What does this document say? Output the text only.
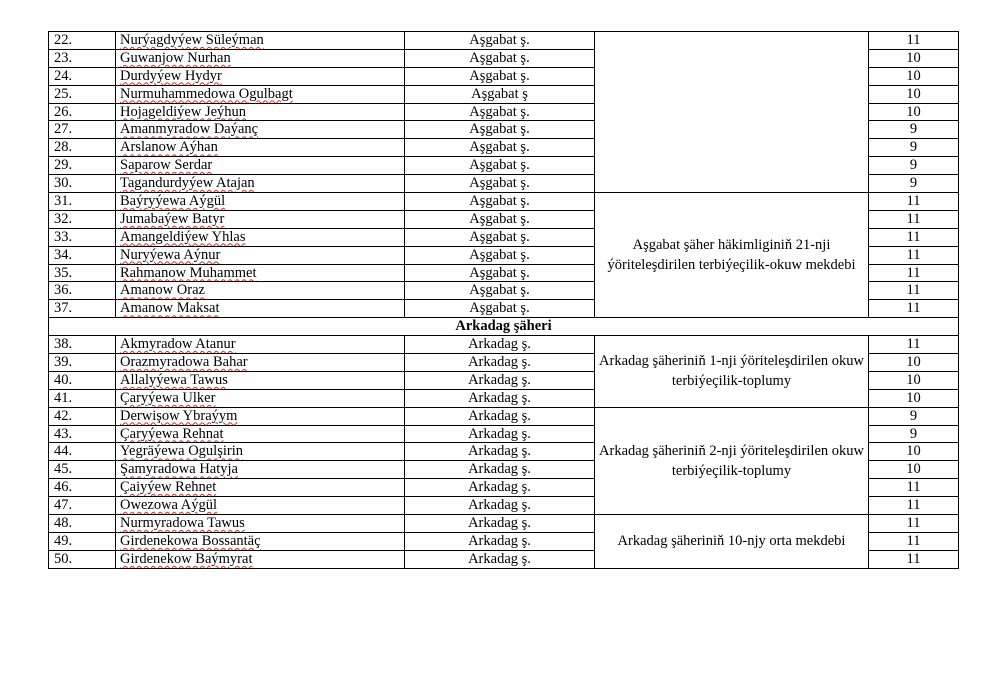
22.	Nurýagdyýew Süleýman	Aşgabat ş.		11
23.	Guwanjow Nurhan	Aşgabat ş.		10
24.	Durdyýew Hydyr	Aşgabat ş.		10
25.	Nurmuhammedowa Ogulbagt	Aşgabat ş		10
26.	Hojageldiýew Jeýhun	Aşgabat ş.		10
27.	Amanmyradow Daýanç	Aşgabat ş.		9
28.	Arslanow Aýhan	Aşgabat ş.		9
29.	Saparow Serdar	Aşgabat ş.		9
30.	Tagandurdyýew Atajan	Aşgabat ş.		9
31.	Baýryýewa Aýgül	Aşgabat ş.	Aşgabat şäher häkimliginiň 21-nji ýöriteleşdirilen terbiýeçilik-okuw mekdebi	11
32.	Jumabaýew Batyr	Aşgabat ş.		11
33.	Amangeldiýew Yhlas	Aşgabat ş.		11
34.	Nuryýewa Aýnur	Aşgabat ş.		11
35.	Rahmanow Muhammet	Aşgabat ş.		11
36.	Amanow Oraz	Aşgabat ş.		11
37.	Amanow Maksat	Aşgabat ş.		11
Arkadag şäheri				
38.	Akmyradow Atanur	Arkadag ş.	Arkadag şäheriniň 1-nji ýöriteleşdirilen okuw terbiýeçilik-toplumy	11
39.	Orazmyradowa Bahar	Arkadag ş.		10
40.	Allalyýewa Tawus	Arkadag ş.		10
41.	Çaryýewa Ulker	Arkadag ş.		10
42.	Derwişow Ybraýym	Arkadag ş.	Arkadag şäheriniň 2-nji ýöriteleşdirilen okuw terbiýeçilik-toplumy	9
43.	Çaryýewa Rehnat	Arkadag ş.		9
44.	Yegräýewa Ogulşirin	Arkadag ş.		10
45.	Şamyradowa Hatyja	Arkadag ş.		10
46.	Çaiyýew Rehnet	Arkadag ş.		11
47.	Owezowa Aýgül	Arkadag ş.		11
48.	Nurmyradowa Tawus	Arkadag ş.	Arkadag şäheriniň 10-njy orta mekdebi	11
49.	Girdenekowa Bossantäç	Arkadag ş.		11
50.	Girdenekow Baýmyrat	Arkadag ş.		11
